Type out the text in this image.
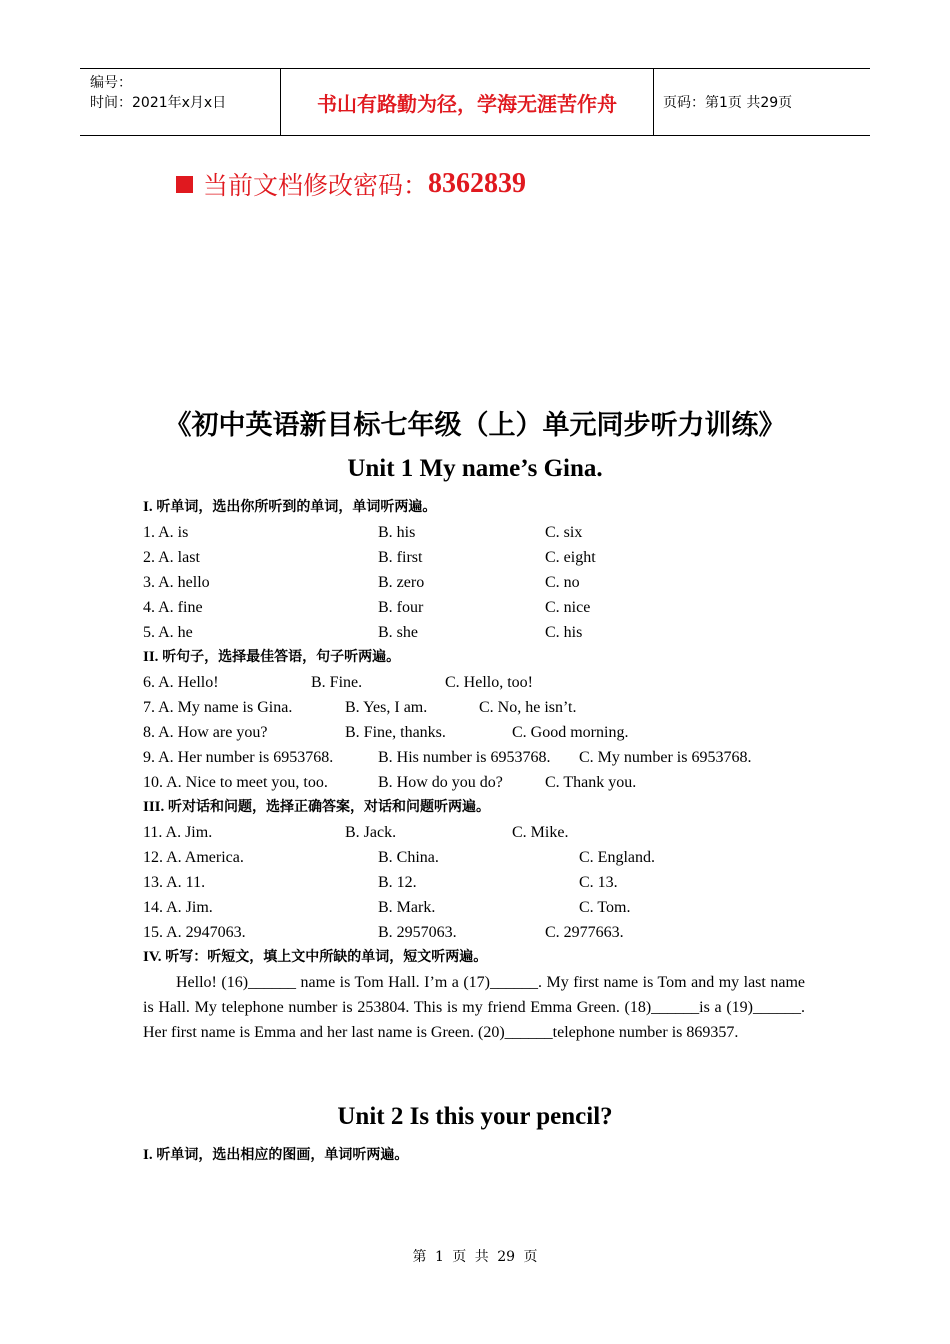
编号：
时间：2021年x月x日	书山有路勤为径，学海无涯苦作舟	页码：第1页 共29页
当前文档修改密码： 8362839
《初中英语新目标七年级（上）单元同步听力训练》
Unit 1 My name’s Gina.
I. 听单词，选出你所听到的单词，单词听两遍。
1. A. is	B. his	C. six
2. A. last	B. first	C. eight
3. A. hello	B. zero	C. no
4. A. fine	B. four	C. nice
5. A. he	B. she	C. his
II. 听句子，选择最佳答语，句子听两遍。
6. A. Hello!	B. Fine.	C. Hello, too!
7. A. My name is Gina.	B. Yes, I am.	C. No, he isn’t.
8. A. How are you?	B. Fine, thanks.	C. Good morning.
9. A. Her number is 6953768.	B. His number is 6953768. C. My number is 6953768.
10. A. Nice to meet you, too.	B. How do you do?	C. Thank you.
III. 听对话和问题，选择正确答案，对话和问题听两遍。
11. A. Jim.	B. Jack.	C. Mike.
12. A. America.	B. China.	C. England.
13. A. 11.	B. 12.	C. 13.
14. A. Jim.	B. Mark.	C. Tom.
15. A. 2947063.	B. 2957063.	C. 2977663.
IV. 听写：听短文，填上文中所缺的单词，短文听两遍。
Hello! (16)______ name is Tom Hall. I’m a (17)______. My first name is Tom and my last name is Hall. My telephone number is 253804. This is my friend Emma Green. (18)______is a (19)______. Her first name is Emma and her last name is Green. (20)______telephone number is 869357.
Unit 2 Is this your pencil?
I. 听单词，选出相应的图画，单词听两遍。
第 1 页 共 29 页
